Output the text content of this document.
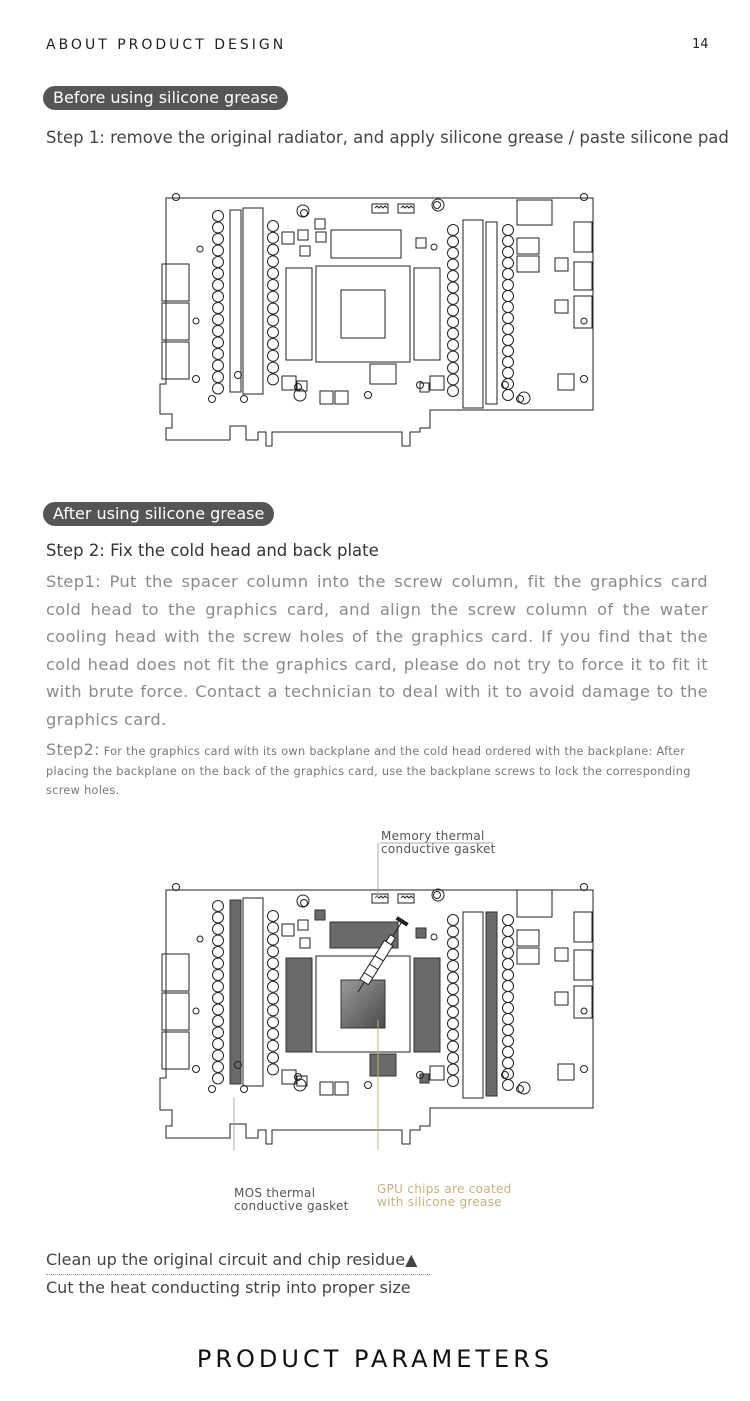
ABOUT PRODUCT DESIGN	14
Before using silicone grease
Step 1: remove the original radiator, and apply silicone grease / paste silicone pad
After using silicone grease
Step 2: Fix the cold head and back plate
Step1: Put the spacer column into the screw column, fit the graphics card cold head to the graphics card, and align the screw column of the water cooling head with the screw holes of the graphics card. If you find that the cold head does not fit the graphics card, please do not try to force it to fit it with brute force. Contact a technician to deal with it to avoid damage to the graphics card.
Step2: For the graphics card with its own backplane and the cold head ordered with the backplane: After placing the backplane on the back of the graphics card, use the backplane screws to lock the corresponding screw holes.
Memory thermal
conductive gasket
MOS thermal
conductive gasket
GPU chips are coated
with silicone grease
Clean up the original circuit and chip residue▲
Cut the heat conducting strip into proper size
PRODUCT PARAMETERS
